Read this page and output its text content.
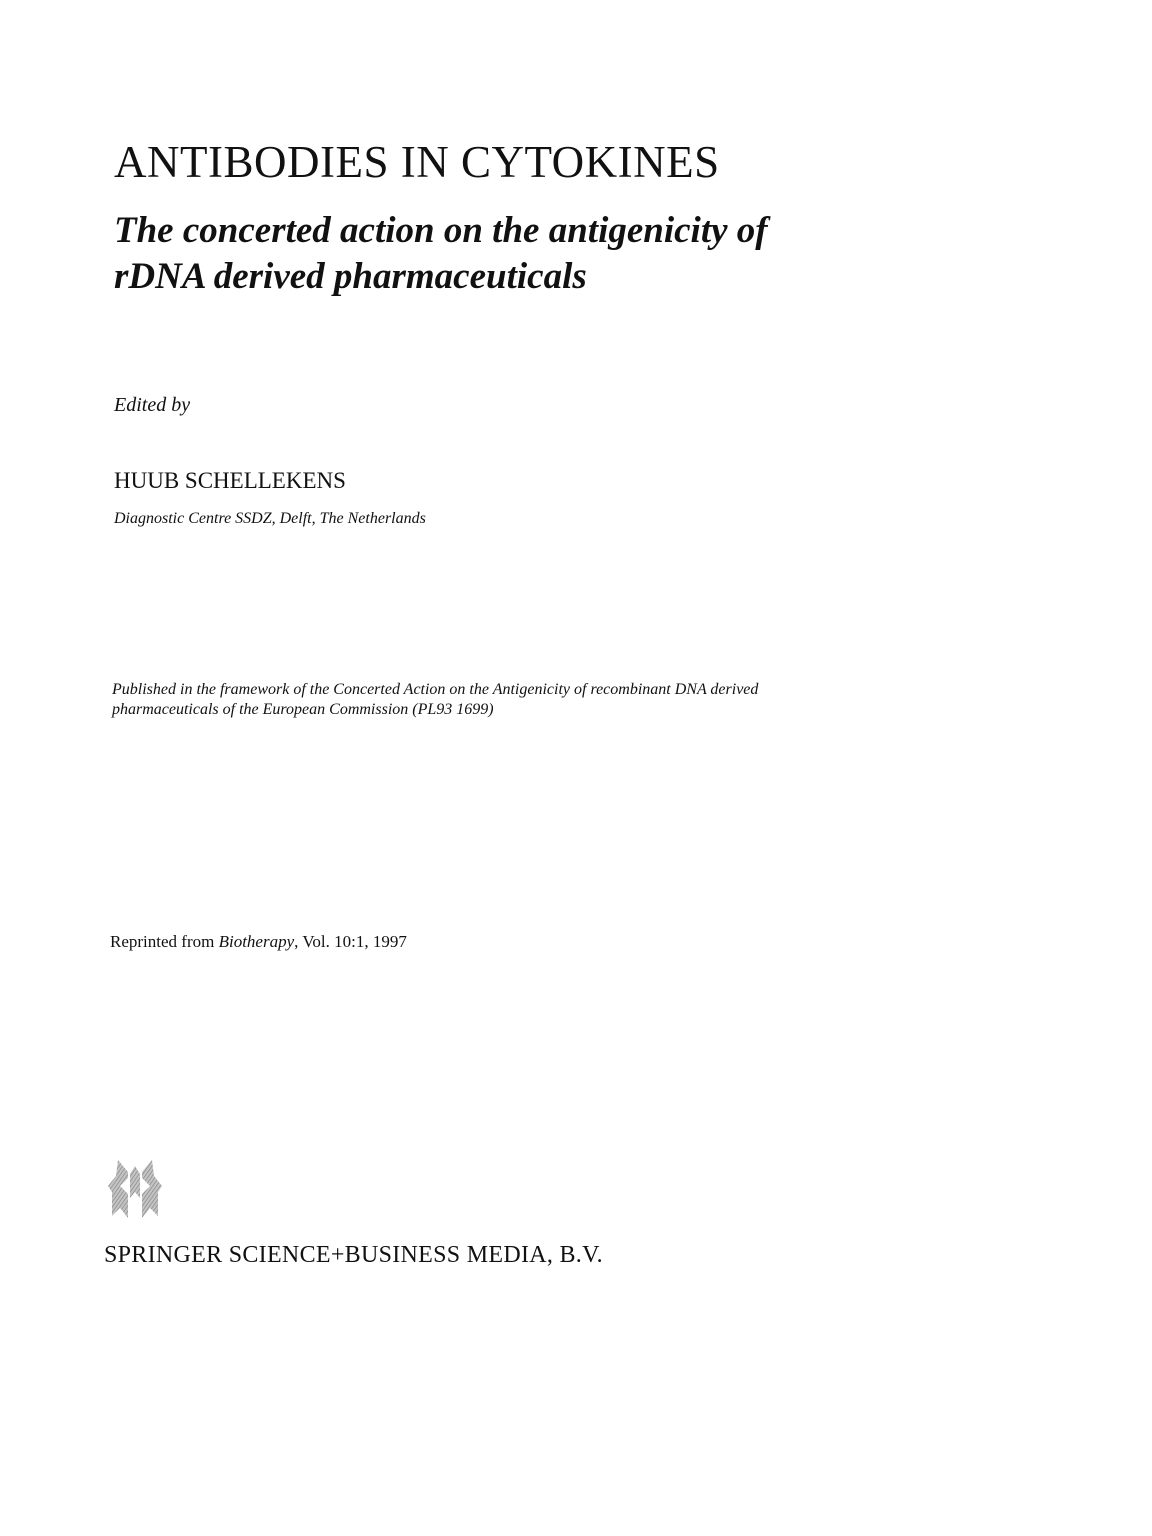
ANTIBODIES IN CYTOKINES
The concerted action on the antigenicity of
rDNA derived pharmaceuticals
Edited by
HUUB SCHELLEKENS
Diagnostic Centre SSDZ, Delft, The Netherlands
Published in the framework of the Concerted Action on the Antigenicity of recombinant DNA derived
pharmaceuticals of the European Commission (PL93 1699)
Reprinted from Biotherapy, Vol. 10:1, 1997
SPRINGER SCIENCE+BUSINESS MEDIA, B.V.
